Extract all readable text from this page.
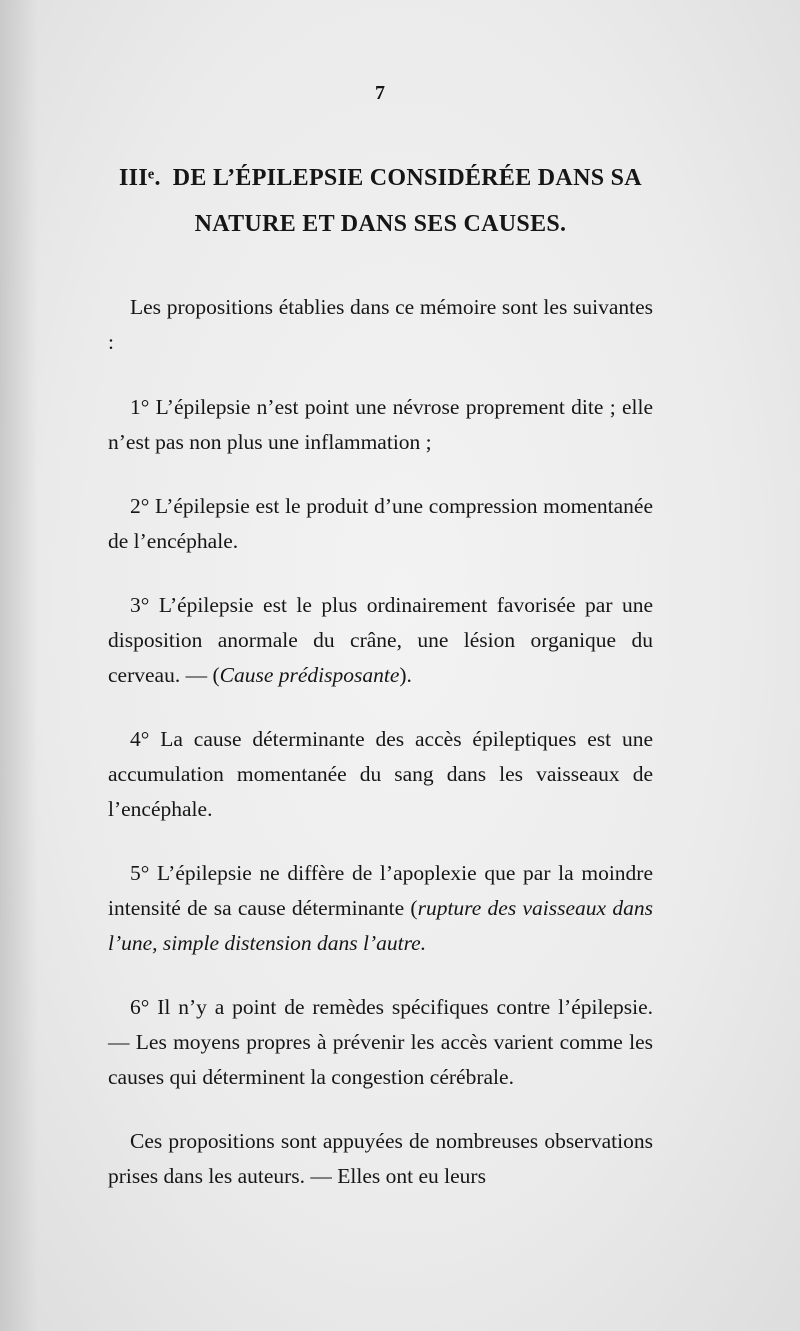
7
IIIᵉ. DE L’ÉPILEPSIE CONSIDÉRÉE DANS SA
NATURE ET DANS SES CAUSES.

Les propositions établies dans ce mémoire sont les suivantes :

1° L’épilepsie n’est point une névrose proprement dite ; elle n’est pas non plus une inflammation ;

2° L’épilepsie est le produit d’une compression momentanée de l’encéphale.

3° L’épilepsie est le plus ordinairement favorisée par une disposition anormale du crâne, une lésion organique du cerveau. — (Cause prédisposante).

4° La cause déterminante des accès épileptiques est une accumulation momentanée du sang dans les vaisseaux de l’encéphale.

5° L’épilepsie ne diffère de l’apoplexie que par la moindre intensité de sa cause déterminante (rupture des vaisseaux dans l’une, simple distension dans l’autre.

6° Il n’y a point de remèdes spécifiques contre l’épilepsie. — Les moyens propres à prévenir les accès varient comme les causes qui déterminent la congestion cérébrale.

Ces propositions sont appuyées de nombreuses observations prises dans les auteurs. — Elles ont eu leurs
